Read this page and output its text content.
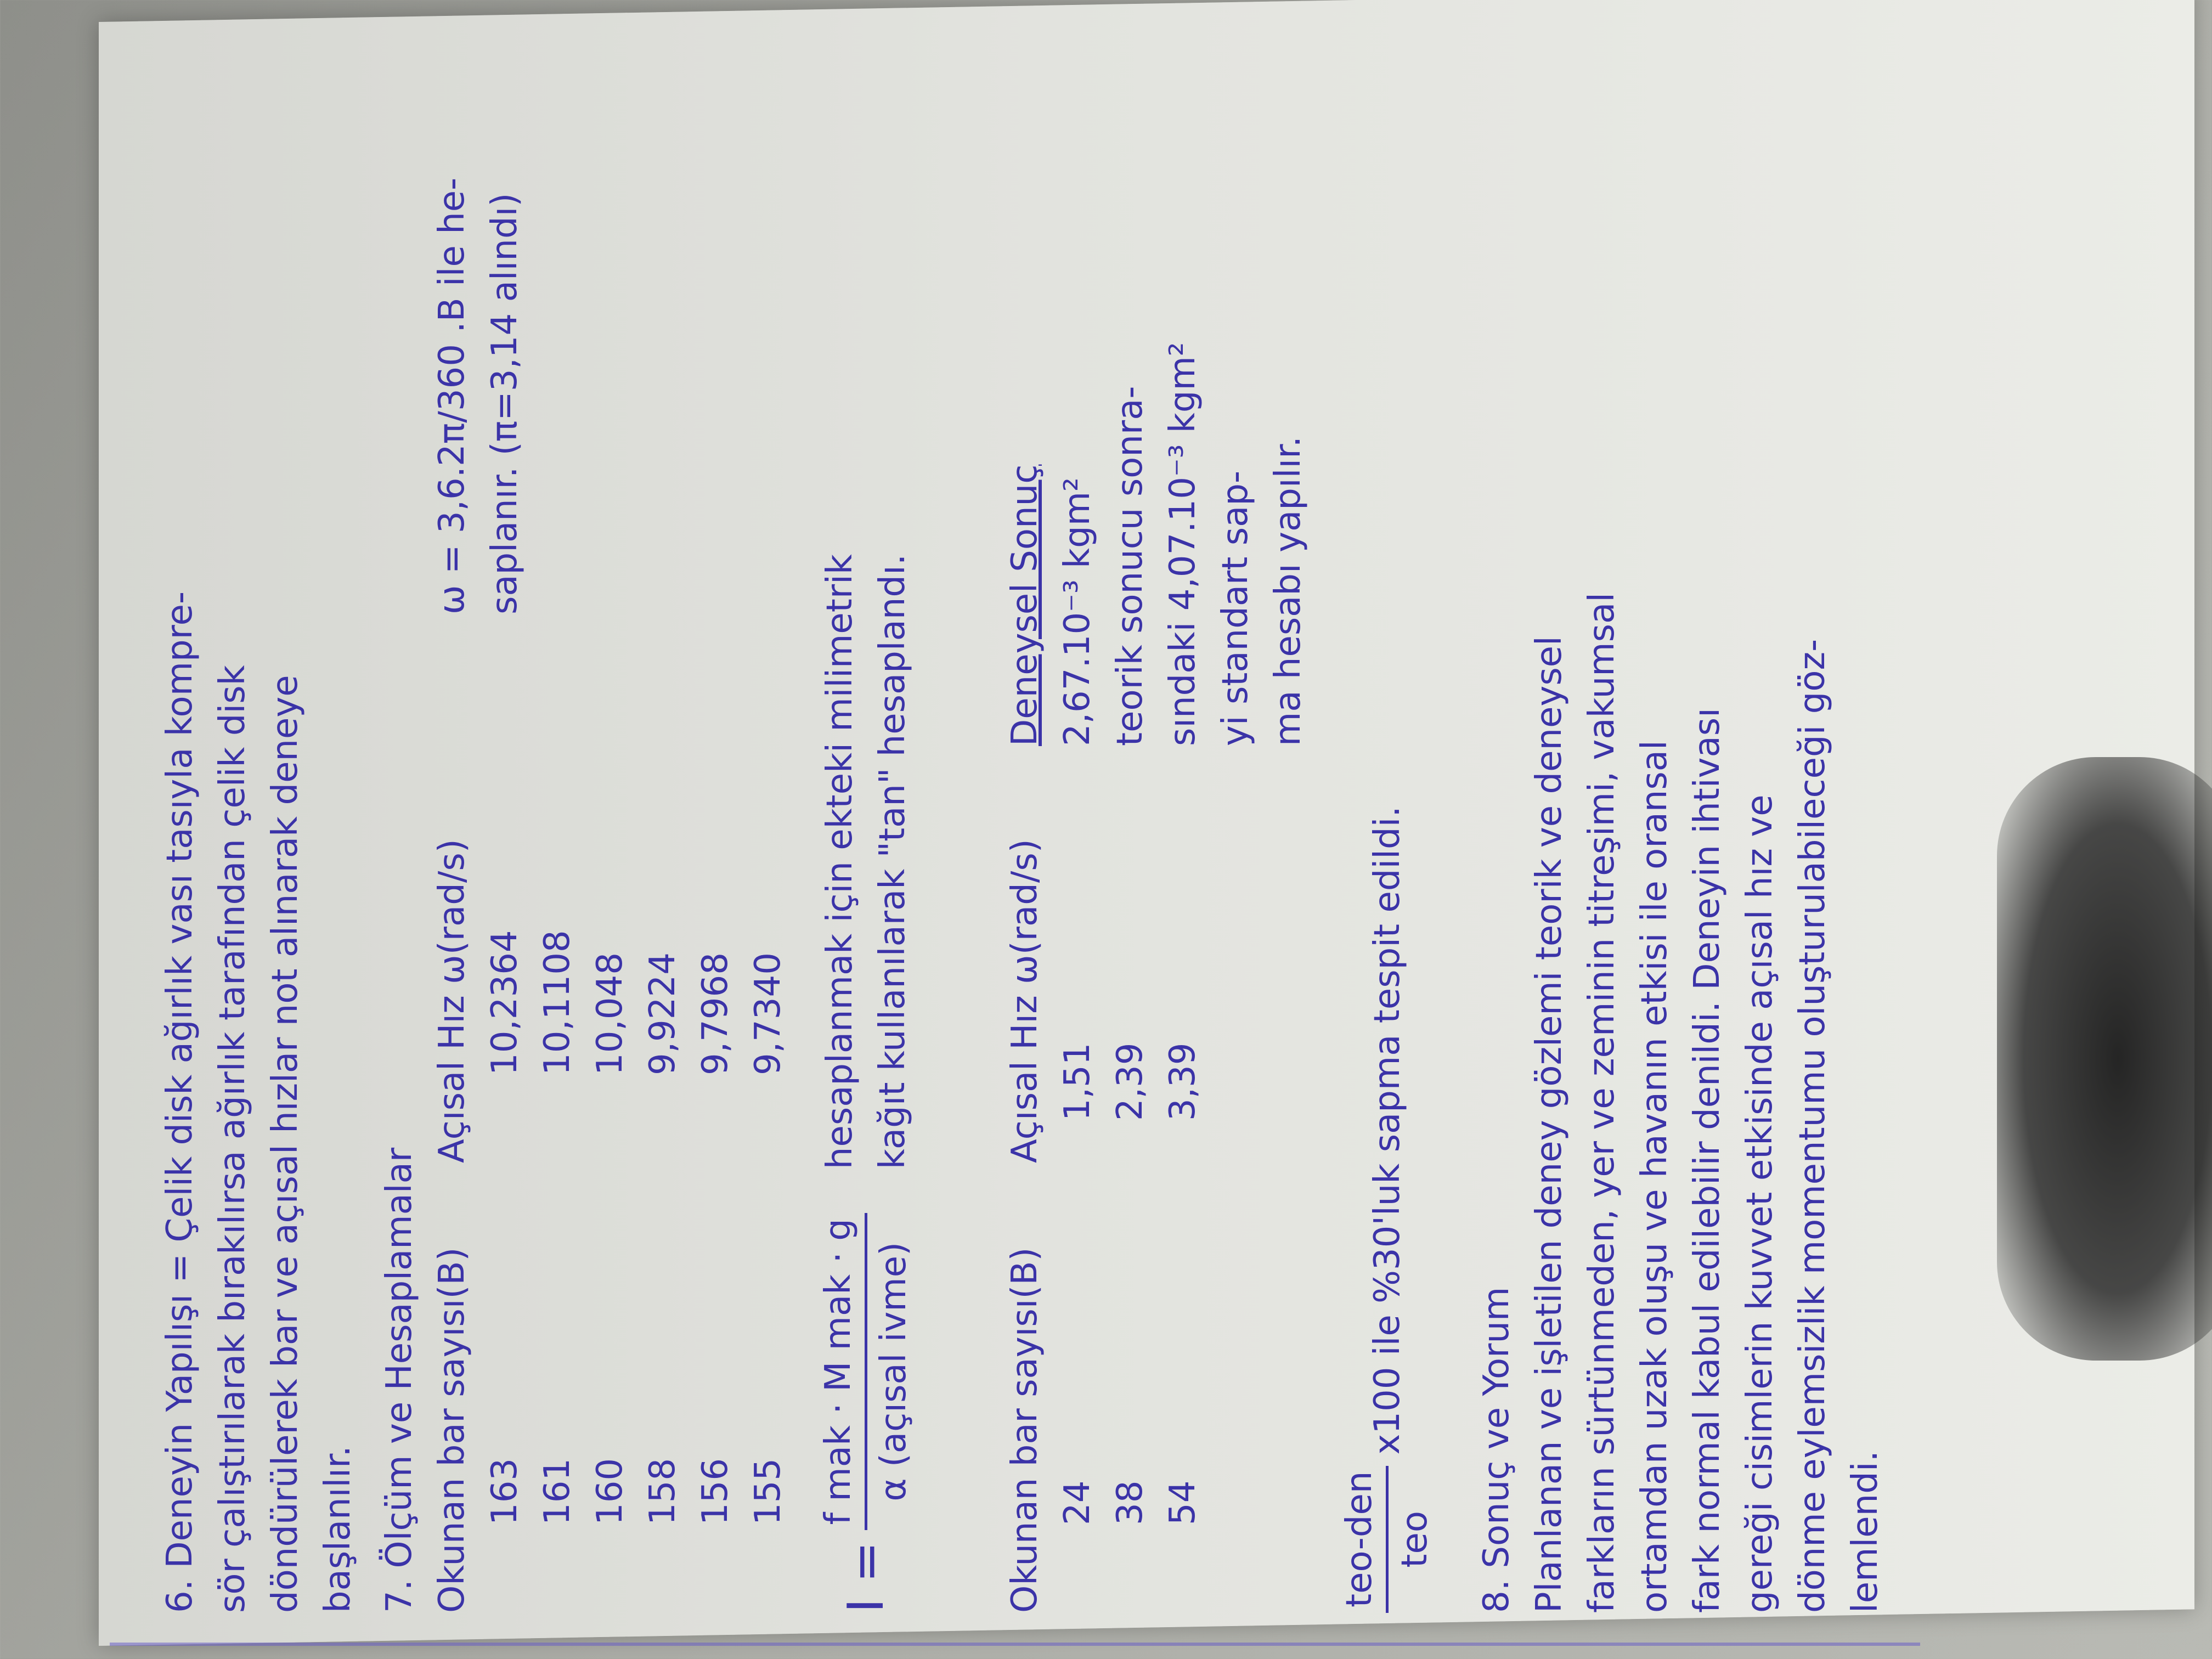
6. Deneyin Yapılışı = Çelik disk ağırlık vası tasıyla kompre- sör çalıştırılarak bırakılırsa ağırlık tarafından çelik disk döndürülerek bar ve açısal hızlar not alınarak deneye başlanılır. 7. Ölçüm ve Hesaplamalar Okunan bar sayısı(B)
Açısal Hız ω(rad/s)
163
10,2364
161
10,1108
160
10,048
158
9,9224
156
9,7968
155
9,7340
ω = 3,6.2π/360 .B ile he- saplanır. (π=3,14 alındı)
I =
f mak · M mak · g α (açısal ivme)
hesaplanmak için ekteki milimetrik kağıt kullanılarak "tan" hesaplandı.
Okunan bar sayısı(B)
Açısal Hız ω(rad/s)
Deneysel Sonuç
24
1,51
38
2,39
54
3,39
2,67.10⁻³ kgm² teorik sonucu sonra- sındaki 4,07.10⁻³ kgm² yi standart sap- ma hesabı yapılır.
teo-den teo
x100 ile %30'luk sapma tespit edildi. 8. Sonuç ve Yorum Planlanan ve işletilen deney gözlemi teorik ve deneysel farkların sürtünmeden, yer ve zeminin titreşimi, vakumsal ortamdan uzak oluşu ve havanın etkisi ile oransal fark normal kabul edilebilir denildi. Deneyin ihtivası gereği cisimlerin kuvvet etkisinde açısal hız ve dönme eylemsizlik momentumu oluşturulabileceği göz- lemlendi.
